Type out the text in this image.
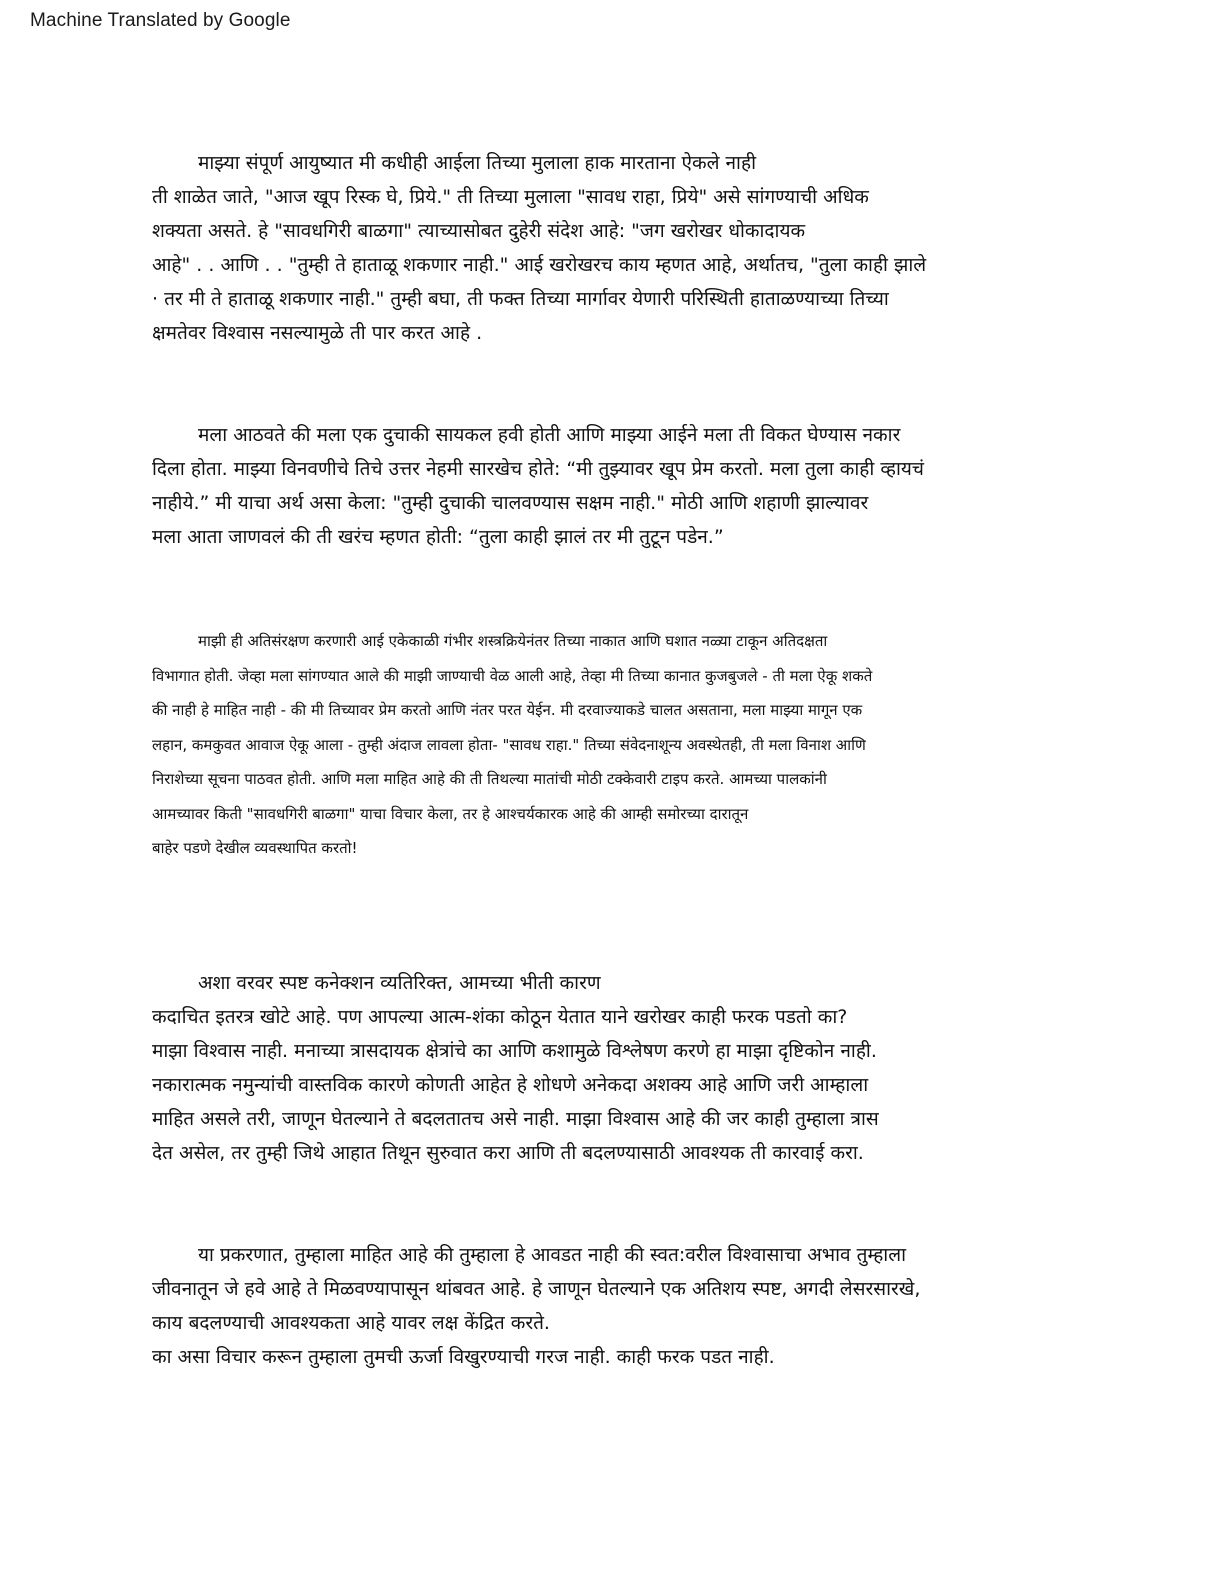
Machine Translated by Google
माझ्या संपूर्ण आयुष्यात मी कधीही आईला तिच्या मुलाला हाक मारताना ऐकले नाही
ती शाळेत जाते, "आज खूप रिस्क घे, प्रिये." ती तिच्या मुलाला "सावध राहा, प्रिये" असे सांगण्याची अधिक
शक्यता असते. हे "सावधगिरी बाळगा" त्याच्यासोबत दुहेरी संदेश आहे: "जग खरोखर धोकादायक
आहे" . . आणि . . "तुम्ही ते हाताळू शकणार नाही." आई खरोखरच काय म्हणत आहे, अर्थातच, "तुला काही झाले
· तर मी ते हाताळू शकणार नाही." तुम्ही बघा, ती फक्त तिच्या मार्गावर येणारी परिस्थिती हाताळण्याच्या तिच्या
क्षमतेवर विश्वास नसल्यामुळे ती पार करत आहे .
मला आठवते की मला एक दुचाकी सायकल हवी होती आणि माझ्या आईने मला ती विकत घेण्यास नकार
दिला होता. माझ्या विनवणीचे तिचे उत्तर नेहमी सारखेच होते: “मी तुझ्यावर खूप प्रेम करतो. मला तुला काही व्हायचं
नाहीये.” मी याचा अर्थ असा केला: "तुम्ही दुचाकी चालवण्यास सक्षम नाही." मोठी आणि शहाणी झाल्यावर
मला आता जाणवलं की ती खरंच म्हणत होती: “तुला काही झालं तर मी तुटून पडेन.”
माझी ही अतिसंरक्षण करणारी आई एकेकाळी गंभीर शस्त्रक्रियेनंतर तिच्या नाकात आणि घशात नळ्या टाकून अतिदक्षता
विभागात होती. जेव्हा मला सांगण्यात आले की माझी जाण्याची वेळ आली आहे, तेव्हा मी तिच्या कानात कुजबुजले - ती मला ऐकू शकते
की नाही हे माहित नाही - की मी तिच्यावर प्रेम करतो आणि नंतर परत येईन. मी दरवाज्याकडे चालत असताना, मला माझ्या मागून एक
लहान, कमकुवत आवाज ऐकू आला - तुम्ही अंदाज लावला होता- "सावध राहा." तिच्या संवेदनाशून्य अवस्थेतही, ती मला विनाश आणि
निराशेच्या सूचना पाठवत होती. आणि मला माहित आहे की ती तिथल्या मातांची मोठी टक्केवारी टाइप करते. आमच्या पालकांनी
आमच्यावर किती "सावधगिरी बाळगा" याचा विचार केला, तर हे आश्चर्यकारक आहे की आम्ही समोरच्या दारातून
बाहेर पडणे देखील व्यवस्थापित करतो!
अशा वरवर स्पष्ट कनेक्शन व्यतिरिक्त, आमच्या भीती कारण
कदाचित इतरत्र खोटे आहे. पण आपल्या आत्म-शंका कोठून येतात याने खरोखर काही फरक पडतो का?
माझा विश्वास नाही. मनाच्या त्रासदायक क्षेत्रांचे का आणि कशामुळे विश्लेषण करणे हा माझा दृष्टिकोन नाही.
नकारात्मक नमुन्यांची वास्तविक कारणे कोणती आहेत हे शोधणे अनेकदा अशक्य आहे आणि जरी आम्हाला
माहित असले तरी, जाणून घेतल्याने ते बदलतातच असे नाही. माझा विश्वास आहे की जर काही तुम्हाला त्रास
देत असेल, तर तुम्ही जिथे आहात तिथून सुरुवात करा आणि ती बदलण्यासाठी आवश्यक ती कारवाई करा.
या प्रकरणात, तुम्हाला माहित आहे की तुम्हाला हे आवडत नाही की स्वत:वरील विश्वासाचा अभाव तुम्हाला
जीवनातून जे हवे आहे ते मिळवण्यापासून थांबवत आहे. हे जाणून घेतल्याने एक अतिशय स्पष्ट, अगदी लेसरसारखे,
काय बदलण्याची आवश्यकता आहे यावर लक्ष केंद्रित करते.
का असा विचार करून तुम्हाला तुमची ऊर्जा विखुरण्याची गरज नाही. काही फरक पडत नाही.
